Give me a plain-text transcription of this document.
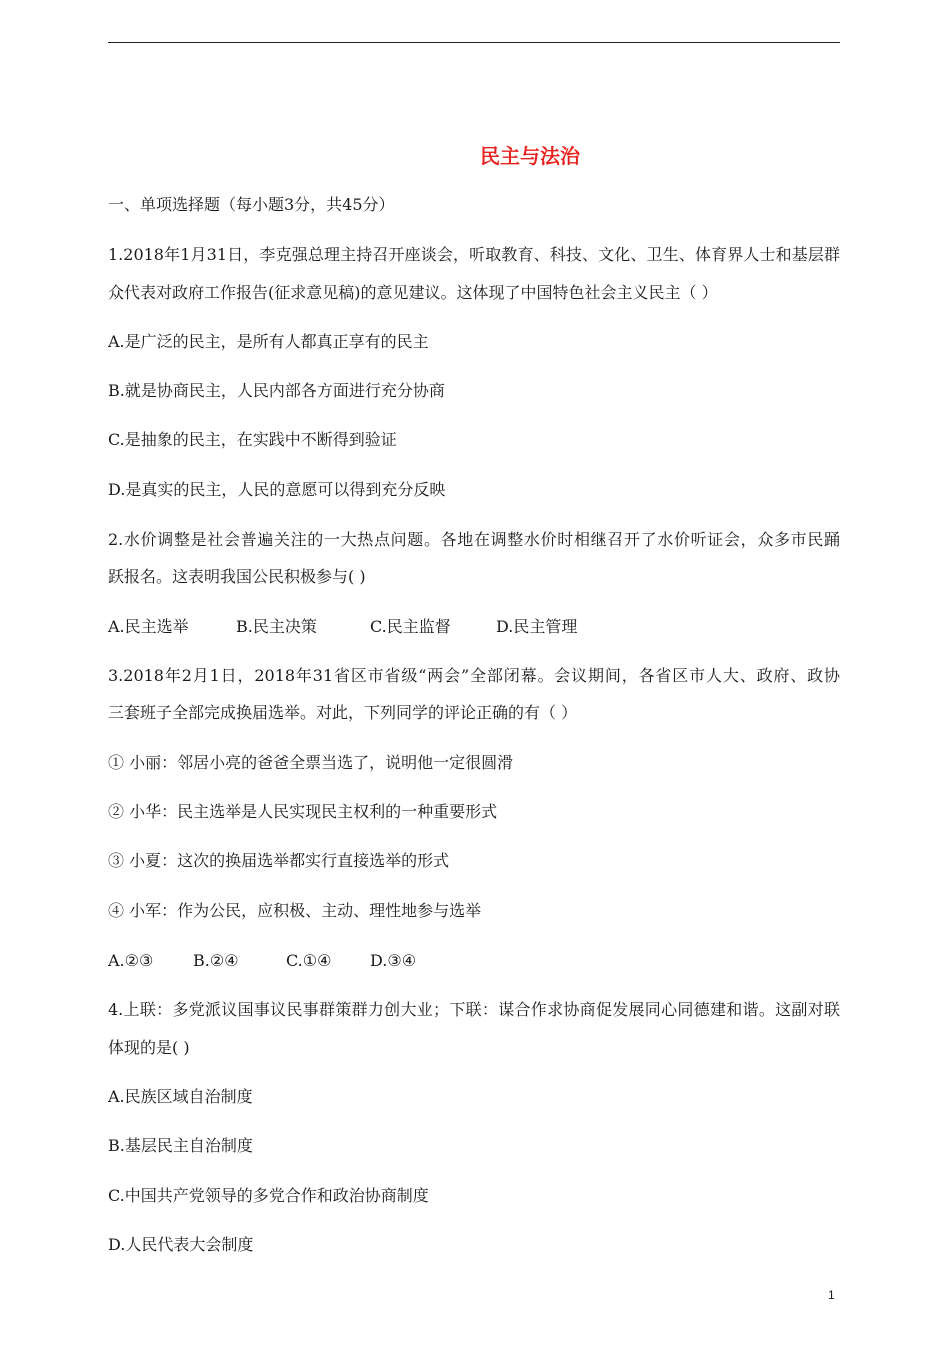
民主与法治
一、单项选择题（每小题3分，共45分）
1.2018年1月31日，李克强总理主持召开座谈会，听取教育、科技、文化、卫生、体育界人士和基层群
众代表对政府工作报告(征求意见稿)的意见建议。这体现了中国特色社会主义民主（ ）
A.是广泛的民主，是所有人都真正享有的民主
B.就是协商民主，人民内部各方面进行充分协商
C.是抽象的民主，在实践中不断得到验证
D.是真实的民主，人民的意愿可以得到充分反映
2.水价调整是社会普遍关注的一大热点问题。各地在调整水价时相继召开了水价听证会，众多市民踊
跃报名。这表明我国公民积极参与( )
A.民主选举	B.民主决策	C.民主监督	D.民主管理
3.2018年2月1日，2018年31省区市省级“两会”全部闭幕。会议期间，各省区市人大、政府、政协
三套班子全部完成换届选举。对此，下列同学的评论正确的有（ ）
① 小丽：邻居小亮的爸爸全票当选了，说明他一定很圆滑
② 小华：民主选举是人民实现民主权利的一种重要形式
③ 小夏：这次的换届选举都实行直接选举的形式
④ 小军：作为公民，应积极、主动、理性地参与选举
A.②③ B.②④	C.①④ D.③④
4.上联：多党派议国事议民事群策群力创大业；下联：谋合作求协商促发展同心同德建和谐。这副对联
体现的是( )
A.民族区域自治制度
B.基层民主自治制度
C.中国共产党领导的多党合作和政治协商制度
D.人民代表大会制度
1
